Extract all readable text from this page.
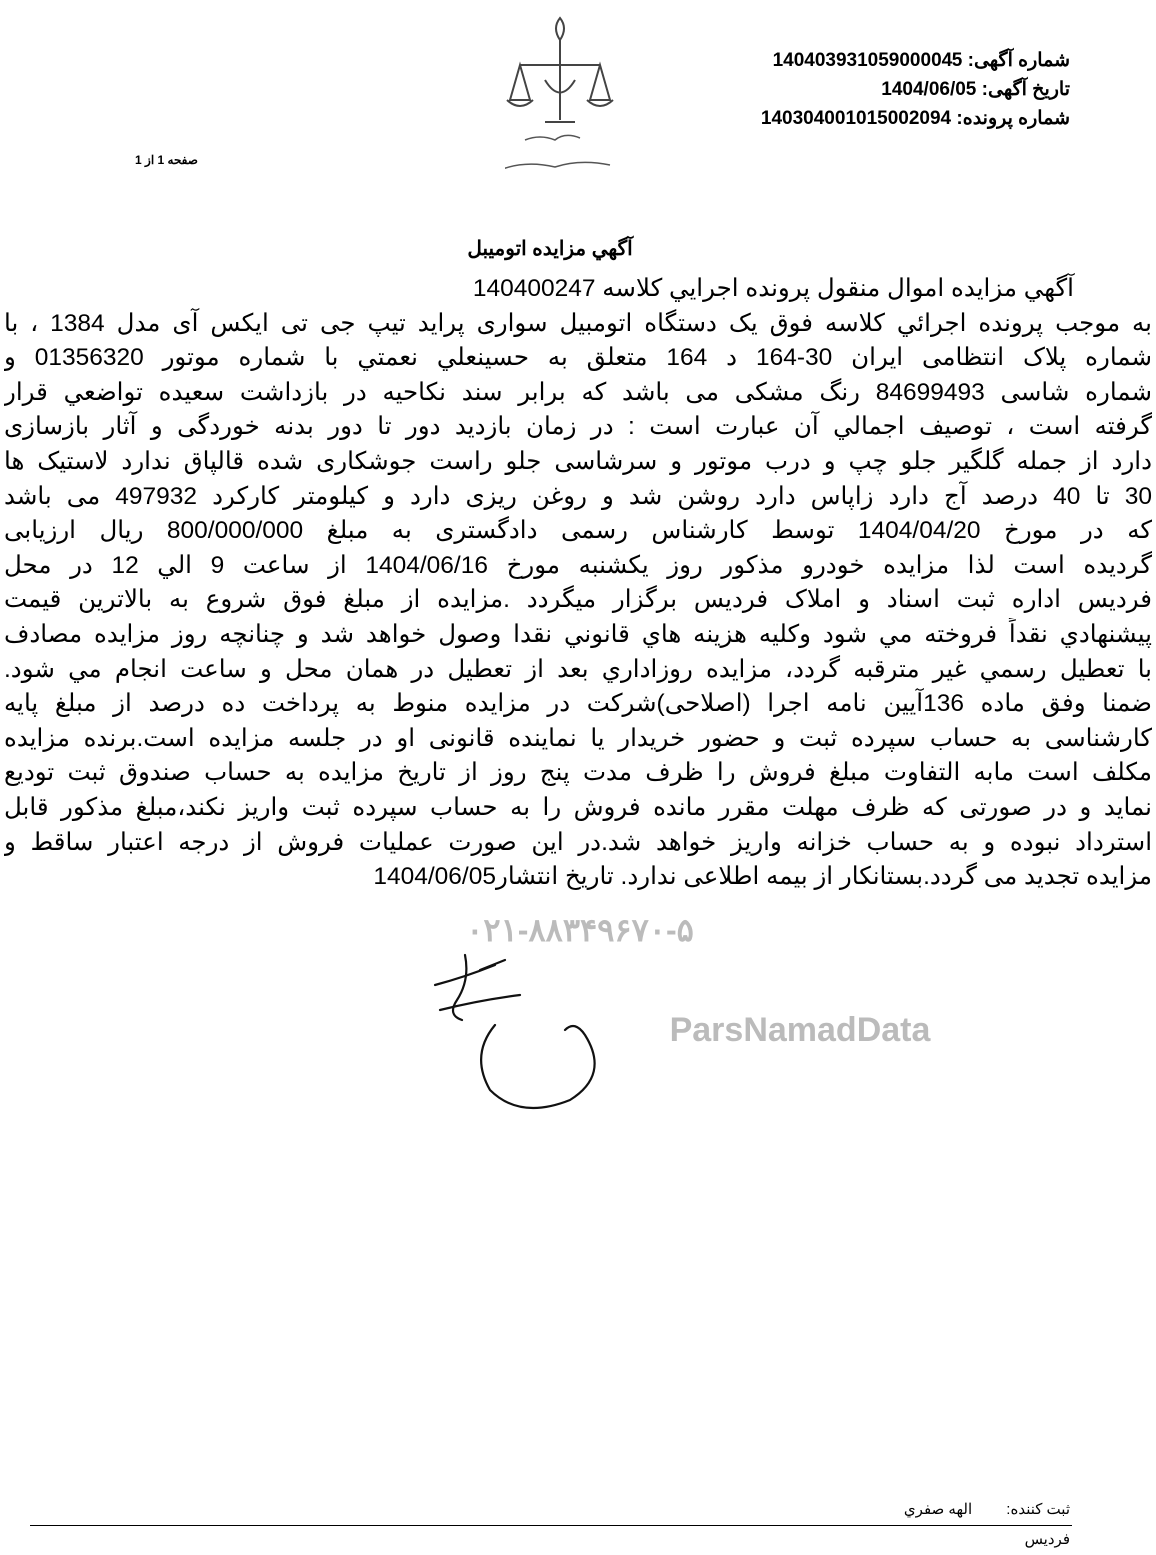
شماره آگهی: 14040393105900004 5
تاریخ آگهی: 1404/06/05
شماره پرونده: 140304001015002094
صفحه 1 از 1
آگهي مزايده اتوميبل
آگهي مزايده اموال منقول پرونده اجرايي كلاسه 140400247
به موجب پرونده اجرائي كلاسه فوق یک دستگاه اتومبیل سواری پراید تیپ جی تی ایکس آی مدل 1384 ، با
شماره پلاک انتظامی ایران 30-164 د 164 متعلق به حسينعلي نعمتي با شماره موتور 01356320 و
شماره شاسی 84699493 رنگ مشکی می باشد که برابر سند نکاحیه در بازداشت سعیده تواضعي قرار
گرفته است ، توصيف اجمالي آن عبارت است : در زمان بازدید دور تا دور بدنه خوردگی و آثار بازسازی
دارد از جمله گلگیر جلو چپ و درب موتور و سرشاسی جلو راست جوشکاری شده قالپاق ندارد لاستیک ها
30 تا 40 درصد آج دارد زاپاس دارد روشن شد و روغن ریزی دارد و کیلومتر کارکرد 497932 می باشد
که در مورخ 1404/04/20 توسط کارشناس رسمی دادگستری به مبلغ 800/000/000 ریال ارزیابی
گردیده است لذا مزایده خودرو مذکور روز یکشنبه مورخ 1404/06/16 از ساعت 9 الي 12 در محل
فردیس اداره ثبت اسناد و املاک فردیس برگزار میگردد .مزایده از مبلغ فوق شروع به بالاترین قیمت
پيشنهادي نقداً فروخته مي شود وكليه هزينه هاي قانوني نقدا وصول خواهد شد و چنانچه روز مزايده مصادف
با تعطيل رسمي غير مترقبه گردد، مزايده روزاداري بعد از تعطيل در همان محل و ساعت انجام مي شود.
ضمنا وفق ماده 136آیین نامه اجرا (اصلاحی)شرکت در مزایده منوط به پرداخت ده درصد از مبلغ پایه
کارشناسی به حساب سپرده ثبت و حضور خریدار یا نماینده قانونی او در جلسه مزایده است.برنده مزایده
مکلف است مابه التفاوت مبلغ فروش را ظرف مدت پنج روز از تاریخ مزایده به حساب صندوق ثبت تودیع
نماید و در صورتی که ظرف مهلت مقرر مانده فروش را به حساب سپرده ثبت واریز نکند،مبلغ مذکور قابل
استرداد نبوده و به حساب خزانه واریز خواهد شد.در این صورت عملیات فروش از درجه اعتبار ساقط و
مزایده تجدید می گردد.بستانکار از بیمه اطلاعی ندارد. تاریخ انتشار1404/06/05
۰۲۱-۸۸۳۴۹۶۷۰-۵
ParsNamadData
ثبت کننده: الهه صفري
فرديس
